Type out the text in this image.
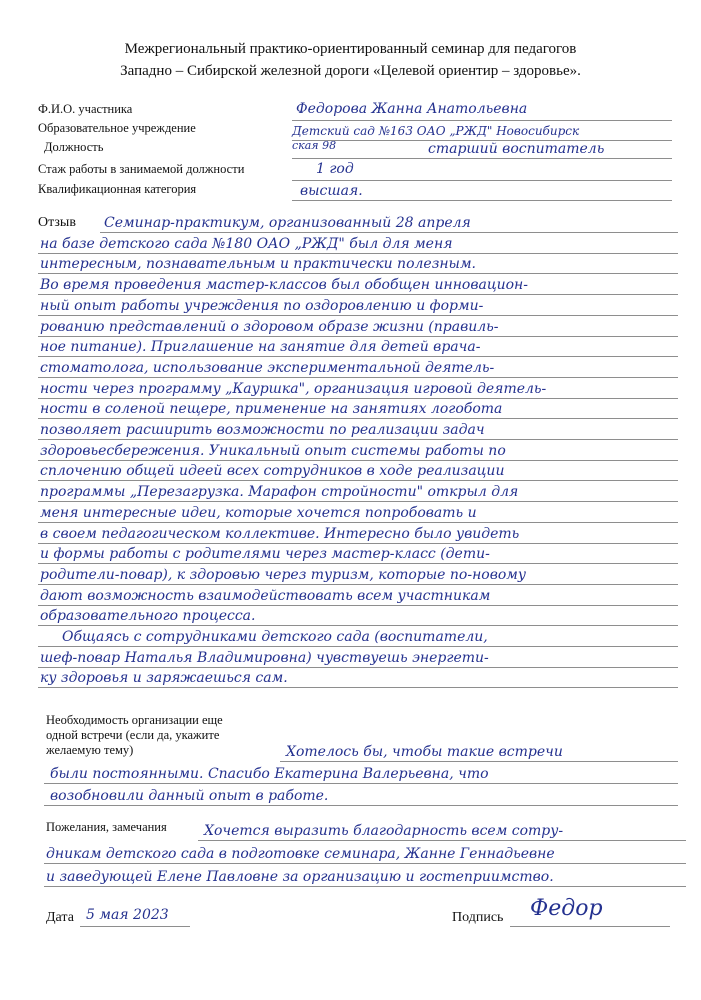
Межрегиональный практико-ориентированный семинар для педагогов
Западно – Сибирской железной дороги «Целевой ориентир – здоровье».
Ф.И.О. участника	Федорова Жанна Анатольевна
Образовательное учреждение	Детский сад №163 ОАО „РЖД" Новосибирск
ская 98
Должность	старший воспитатель
Стаж работы в занимаемой должности	1 год
Квалификационная категория	высшая.
Отзыв Семинар-практикум, организованный 28 апреля
на базе детского сада №180 ОАО „РЖД" был для меня
интересным, познавательным и практически полезным.
Во время проведения мастер-классов был обобщен инновацион-
ный опыт работы учреждения по оздоровлению и форми-
рованию представлений о здоровом образе жизни (правиль-
ное питание). Приглашение на занятие для детей врача-
стоматолога, использование экспериментальной деятель-
ности через программу „Кауршка", организация игровой деятель-
ности в соленой пещере, применение на занятиях логобота
позволяет расширить возможности по реализации задач
здоровьесбережения. Уникальный опыт системы работы по
сплочению общей идеей всех сотрудников в ходе реализации
программы „Перезагрузка. Марафон стройности" открыл для
меня интересные идеи, которые хочется попробовать и
в своем педагогическом коллективе. Интересно было увидеть
и формы работы с родителями через мастер-класс (дети-
родители-повар), к здоровью через туризм, которые по-новому
дают возможность взаимодействовать всем участникам
образовательного процесса.
Общаясь с сотрудниками детского сада (воспитатели,
шеф-повар Наталья Владимировна) чувствуешь энергети-
ку здоровья и заряжаешься сам.
Необходимость организации еще
одной встречи (если да, укажите
желаемую тему)	Хотелось бы, чтобы такие встречи
были постоянными. Спасибо Екатерина Валерьевна, что
возобновили данный опыт в работе.
Пожелания, замечания	Хочется выразить благодарность всем сотру-
дникам детского сада в подготовке семинара, Жанне Геннадьевне
и заведующей Елене Павловне за организацию и гостеприимство.
Дата 5 мая 2023	Подпись Федор
